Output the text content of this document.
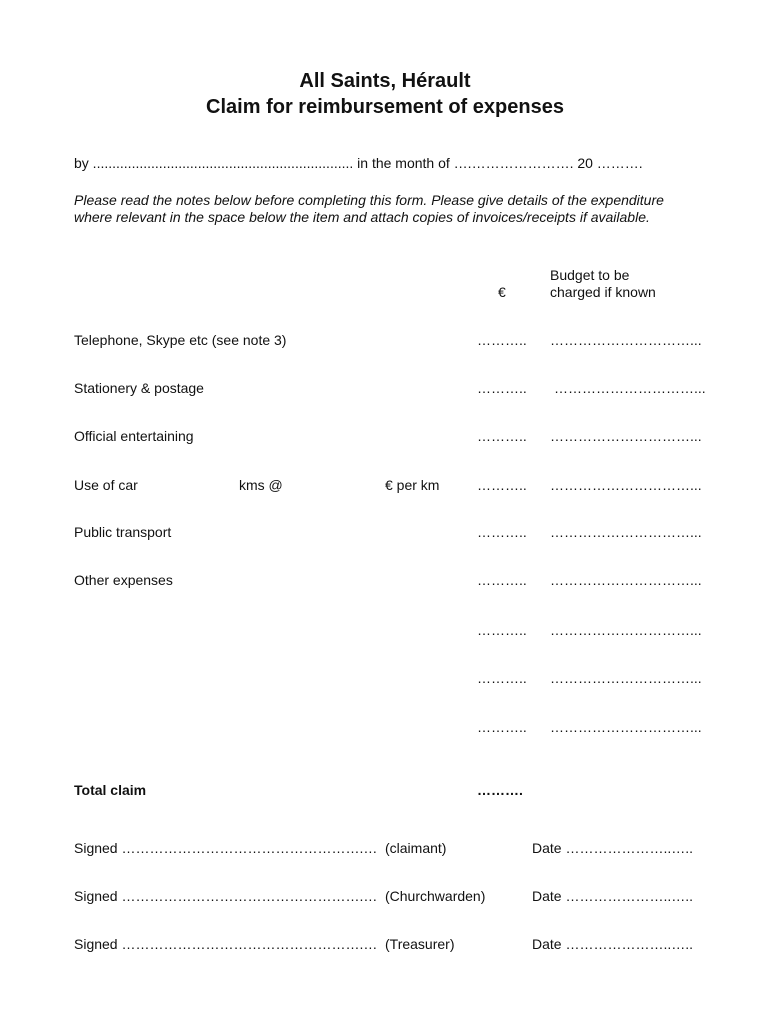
All Saints, Hérault
Claim for reimbursement of expenses
by ................................................................... in the month of ….…………………. 20 ……….
Please read the notes below before completing this form. Please give details of the expenditure where relevant in the space below the item and attach copies of invoices/receipts if available.
€
Budget to be
charged if known
Telephone, Skype etc (see note 3)	……….. …………………………...
Stationery & postage	……….. …………………………...
Official entertaining	……….. …………………………...
Use of car	kms @	€ per km	……….. …………………………...
Public transport	……….. …………………………...
Other expenses	……….. …………………………...
……….. …………………………...
……….. …………………………...
……….. …………………………...
Total claim	……….
Signed …………………………………………….… (claimant)	Date …………………..…..
Signed …………………………………………….… (Churchwarden)	Date …………………..…..
Signed …………………………………………….… (Treasurer)	Date …………………..…..
